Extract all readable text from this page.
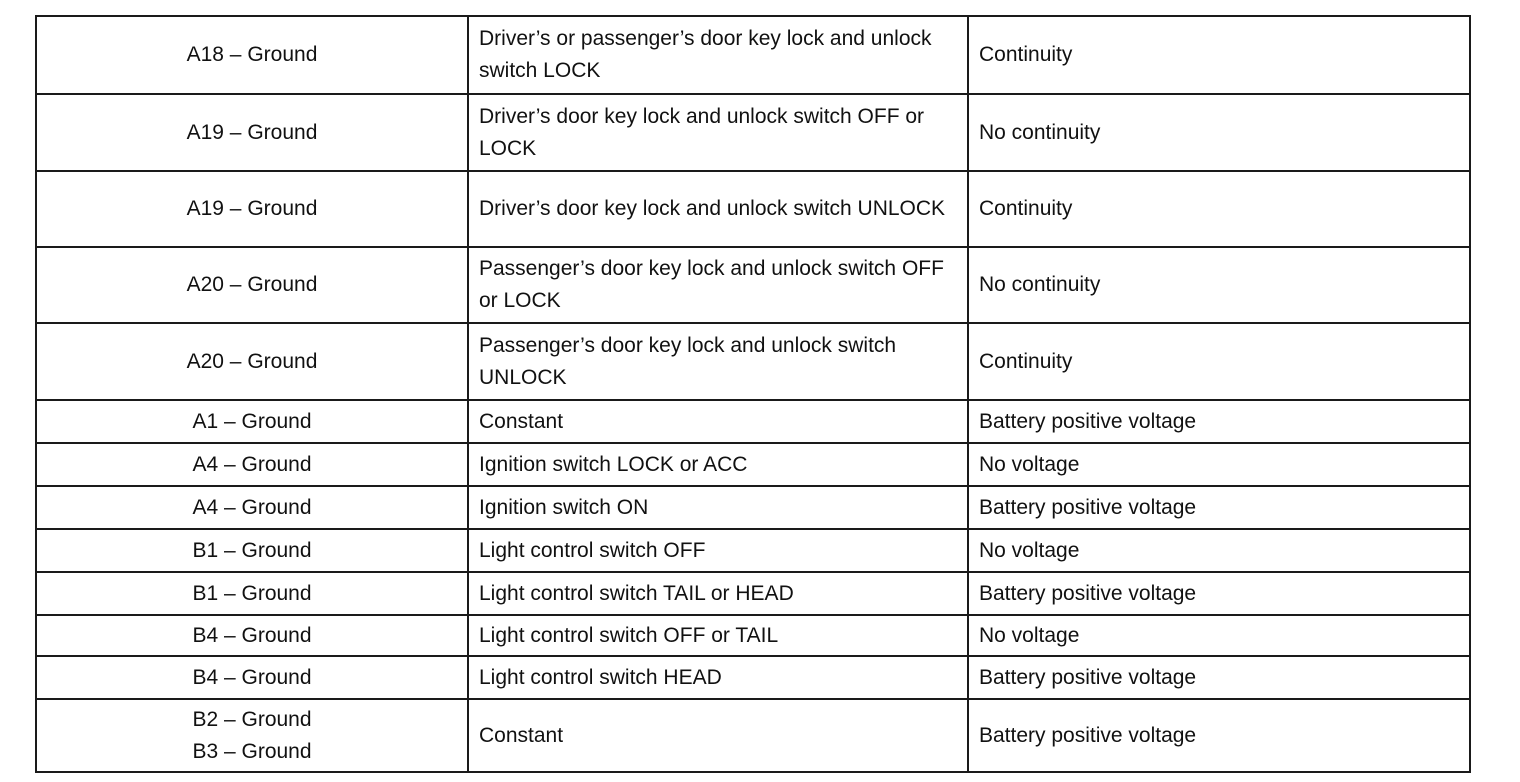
A18 – Ground	Driver’s or passenger’s door key lock and unlock switch LOCK	Continuity

A19 – Ground	Driver’s door key lock and unlock switch OFF or LOCK	No continuity

A19 – Ground	Driver’s door key lock and unlock switch UNLOCK	Continuity

A20 – Ground	Passenger’s door key lock and unlock switch OFF or LOCK	No continuity

A20 – Ground	Passenger’s door key lock and unlock switch UNLOCK	Continuity

A1 – Ground	Constant	Battery positive voltage

A4 – Ground	Ignition switch LOCK or ACC	No voltage

A4 – Ground	Ignition switch ON	Battery positive voltage

B1 – Ground	Light control switch OFF	No voltage

B1 – Ground	Light control switch TAIL or HEAD	Battery positive voltage

B4 – Ground	Light control switch OFF or TAIL	No voltage

B4 – Ground	Light control switch HEAD	Battery positive voltage

B2 – Ground
B3 – Ground	Constant	Battery positive voltage
